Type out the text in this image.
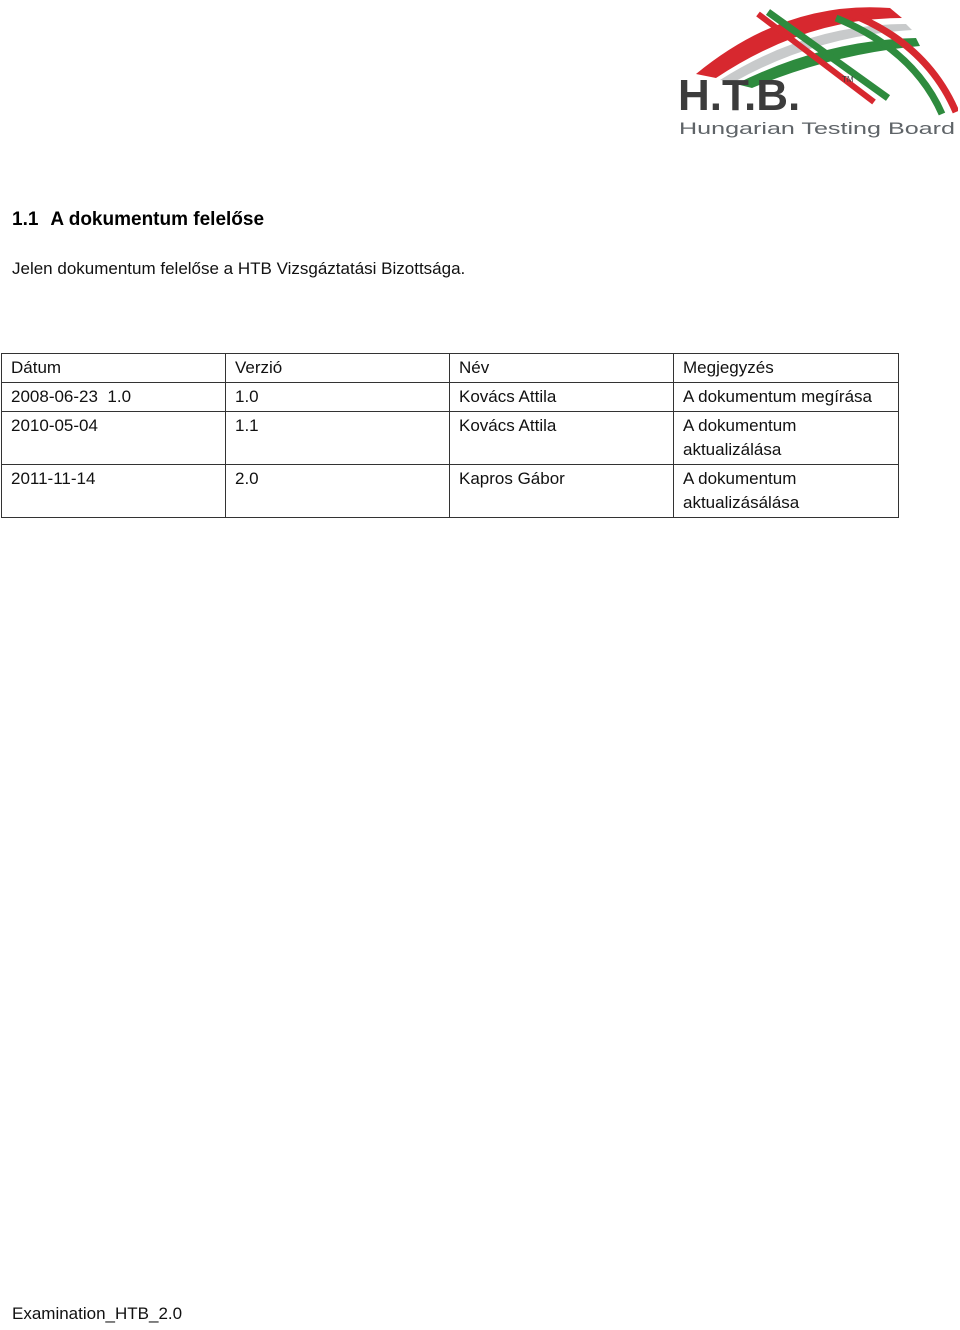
H.T.B.	TM
Hungarian Testing Board
1.1 A dokumentum felelőse

Jelen dokumentum felelőse a HTB Vizsgáztatási Bizottsága.

Dátum	Verzió	Név	Megjegyzés
2008-06-23  1.0	1.0	Kovács Attila	A dokumentum megírása
2010-05-04	1.1	Kovács Attila	A dokumentum aktualizálása
2011-11-14	2.0	Kapros Gábor	A dokumentum aktualizásálása

Examination_HTB_2.0
